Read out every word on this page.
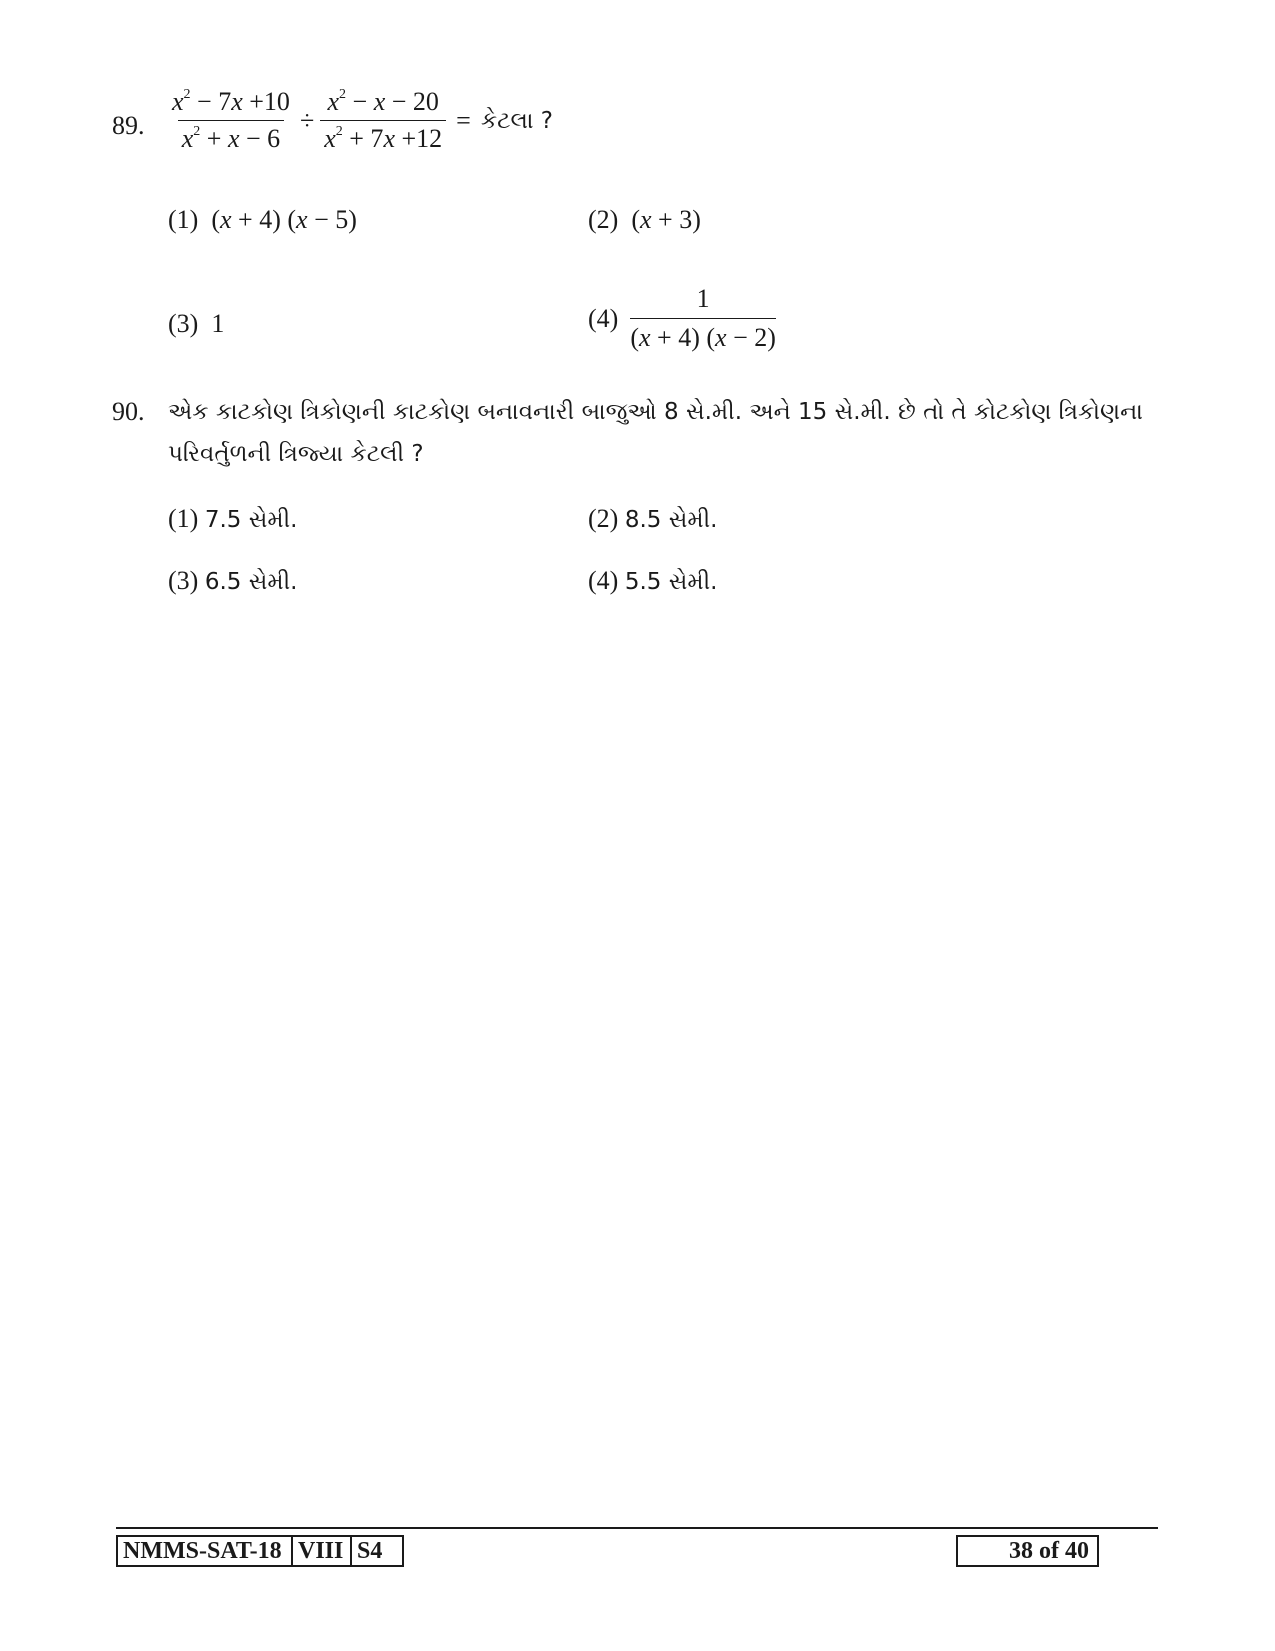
89. $\frac{x^2 - 7x +10}{x^2 + x - 6} \div \frac{x^2 - x - 20}{x^2 + 7x +12}$ = કેટલા ?
(1) (x + 4) (x − 5)	(2) (x + 3)
(3) 1	$(4) \frac{1}{(x + 4) (x - 2)}$
90. એક કાટકોણ ત્રિકોણની કાટકોણ બનાવનારી બાજુઓ 8 સે.મી. અને 15 સે.મી. છે તો તે કોટકોણ ત્રિકોણના
પરિવર્તુળની ત્રિજ્યા કેટલી ?
(1) 7.5 સેમી.	(2) 8.5 સેમી.
(3) 6.5 સેમી.	(4) 5.5 સેમી.
NMMS-SAT-18 VIII S4	38 of 40
